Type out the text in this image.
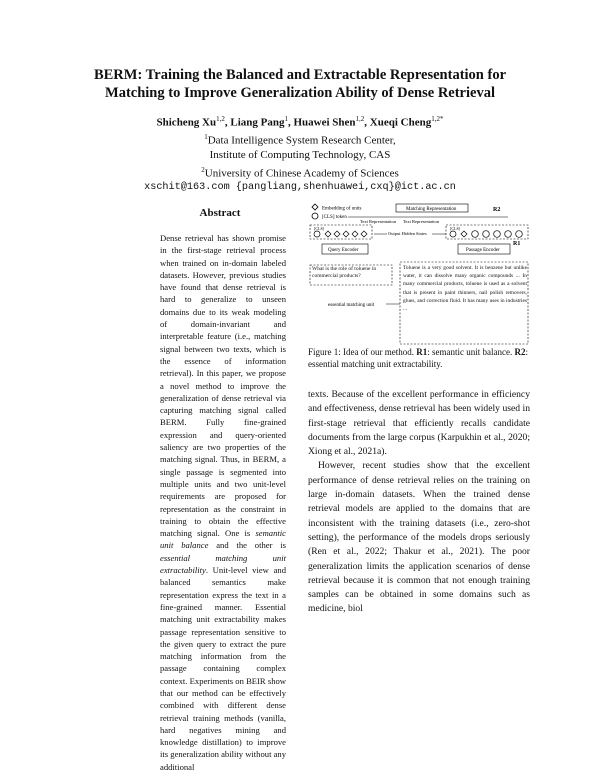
BERM: Training the Balanced and Extractable Representation for
Matching to Improve Generalization Ability of Dense Retrieval
Shicheng Xu$^{1,2}$, Liang Pang$^1$, Huawei Shen$^{1,2}$, Xueqi Cheng$^{1,2*}$
$^1$Data Intelligence System Research Center,
Institute of Computing Technology, CAS
$^2$University of Chinese Academy of Sciences
xschit@163.com {pangliang,shenhuawei,cxq}@ict.ac.cn
Abstract

Dense retrieval has shown promise in the first-stage retrieval process when trained on in-domain labeled datasets. However, previous studies have found that dense retrieval is hard to generalize to unseen domains due to its weak modeling of domain-invariant and interpretable feature (i.e., matching signal between two texts, which is the essence of information retrieval). In this paper, we propose a novel method to improve the generalization of dense retrieval via capturing matching signal called BERM. Fully fine-grained expression and query-oriented saliency are two properties of the matching signal. Thus, in BERM, a single passage is segmented into multiple units and two unit-level requirements are proposed for representation as the constraint in training to obtain the effective matching signal. One is semantic unit balance and the other is essential matching unit extractability. Unit-level view and balanced semantics make representation express the text in a fine-grained manner. Essential matching unit extractability makes passage representation sensitive to the given query to extract the pure matching information from the passage containing complex context. Experiments on BEIR show that our method can be effectively combined with different dense retrieval training methods (vanilla, hard negatives mining and knowledge distillation) to improve its generalization ability without any additional

Embedding of units
[CLS] token
Matching Representation	R2
Text Representation Text Representation
[CLS]
Output Hidden States
[CLS]
R1
Query Encoder	Passage Encoder
What is the role of toluene in commercial products?
essential matching unit
Toluene is a very good solvent. It is benzene but unlike water, it can dissolve many organic compounds ... In many commercial products, toluene is used as a solvent that is present in paint thinners, nail polish removers, glues, and correction fluid. It has many uses in industries ...
Figure 1: Idea of our method. R1: semantic unit balance. R2: essential matching unit extractability.

texts. Because of the excellent performance in efficiency and effectiveness, dense retrieval has been widely used in first-stage retrieval that efficiently recalls candidate documents from the large corpus (Karpukhin et al., 2020; Xiong et al., 2021a).

However, recent studies show that the excellent performance of dense retrieval relies on the training on large in-domain datasets. When the trained dense retrieval models are applied to the domains that are inconsistent with the training datasets (i.e., zero-shot setting), the performance of the models drops seriously (Ren et al., 2022; Thakur et al., 2021). The poor generalization limits the application scenarios of dense retrieval because it is common that not enough training samples can be obtained in some domains such as medicine, biol
